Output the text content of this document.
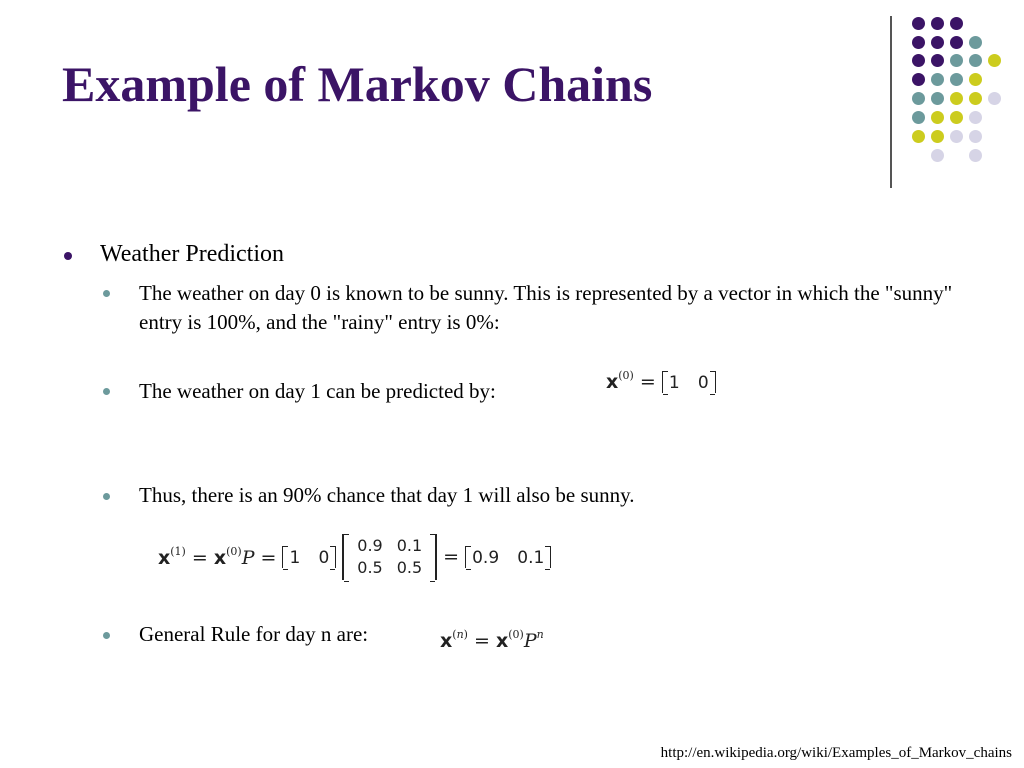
Example of Markov Chains
Weather Prediction
The weather on day 0 is known to be sunny. This is represented by a vector in which the "sunny" entry is 100%, and the "rainy" entry is 0%:
The weather on day 1 can be predicted by:	$x^{(0)} = 1$ 0
Thus, there is an 90% chance that day 1 will also be sunny.
$x^{(1)} = x^{(0)}P = 1$ 0
0.9	0.1
0.5	0.5 = 0.9 0.1
General Rule for day n are:	$x^{(n)} = x^{(0)}P^n$
http://en.wikipedia.org/wiki/Examples_of_Markov_chains
